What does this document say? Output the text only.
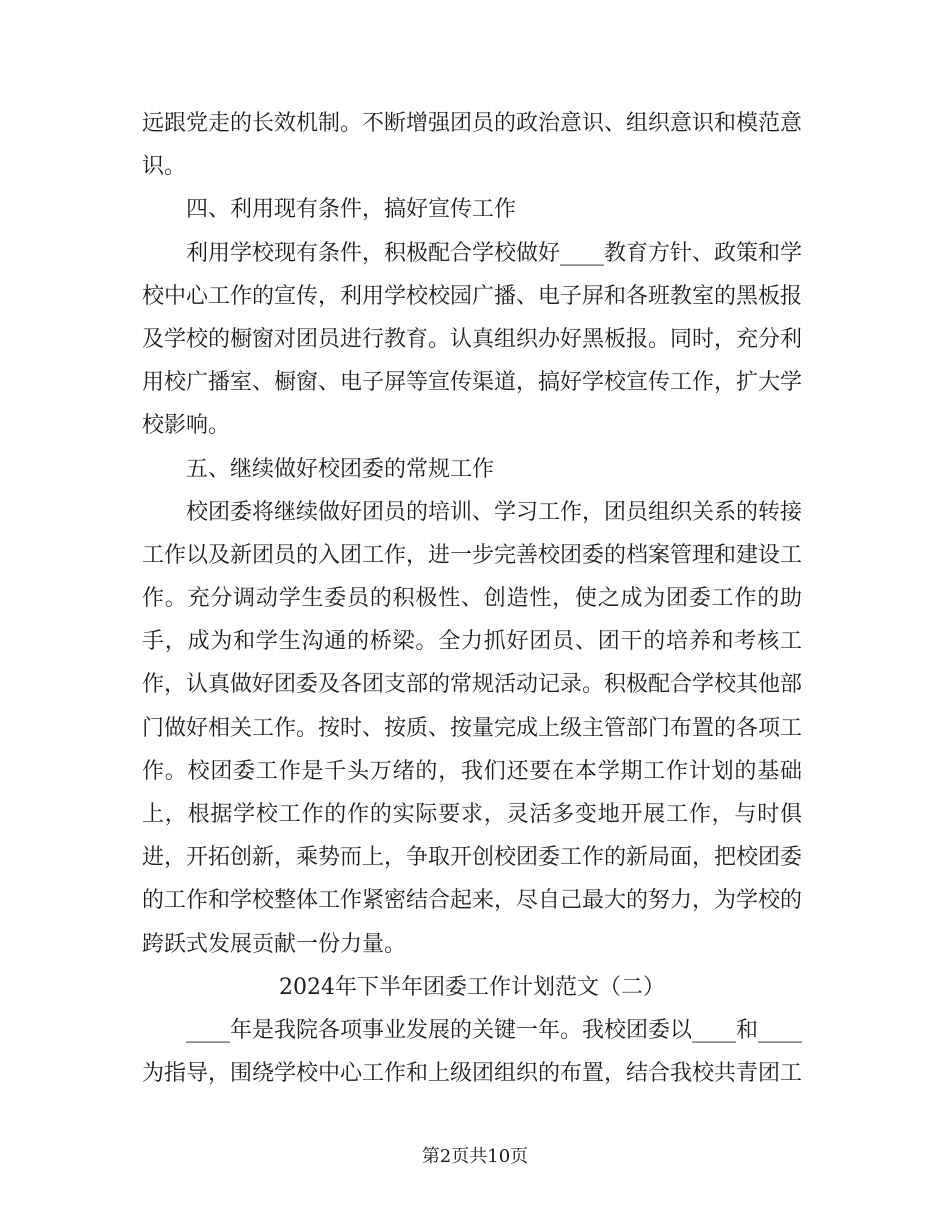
远跟党走的长效机制。不断增强团员的政治意识、组织意识和模范意
识。
四、利用现有条件，搞好宣传工作
利用学校现有条件，积极配合学校做好____教育方针、政策和学
校中心工作的宣传，利用学校校园广播、电子屏和各班教室的黑板报
及学校的橱窗对团员进行教育。认真组织办好黑板报。同时，充分利
用校广播室、橱窗、电子屏等宣传渠道，搞好学校宣传工作，扩大学
校影响。
五、继续做好校团委的常规工作
校团委将继续做好团员的培训、学习工作，团员组织关系的转接
工作以及新团员的入团工作，进一步完善校团委的档案管理和建设工
作。充分调动学生委员的积极性、创造性，使之成为团委工作的助
手，成为和学生沟通的桥梁。全力抓好团员、团干的培养和考核工
作，认真做好团委及各团支部的常规活动记录。积极配合学校其他部
门做好相关工作。按时、按质、按量完成上级主管部门布置的各项工
作。校团委工作是千头万绪的，我们还要在本学期工作计划的基础
上，根据学校工作的作的实际要求，灵活多变地开展工作，与时俱
进，开拓创新，乘势而上，争取开创校团委工作的新局面，把校团委
的工作和学校整体工作紧密结合起来，尽自己最大的努力，为学校的
跨跃式发展贡献一份力量。
2024年下半年团委工作计划范文（二）
____年是我院各项事业发展的关键一年。我校团委以____和____
为指导，围绕学校中心工作和上级团组织的布置，结合我校共青团工
第2页共10页
